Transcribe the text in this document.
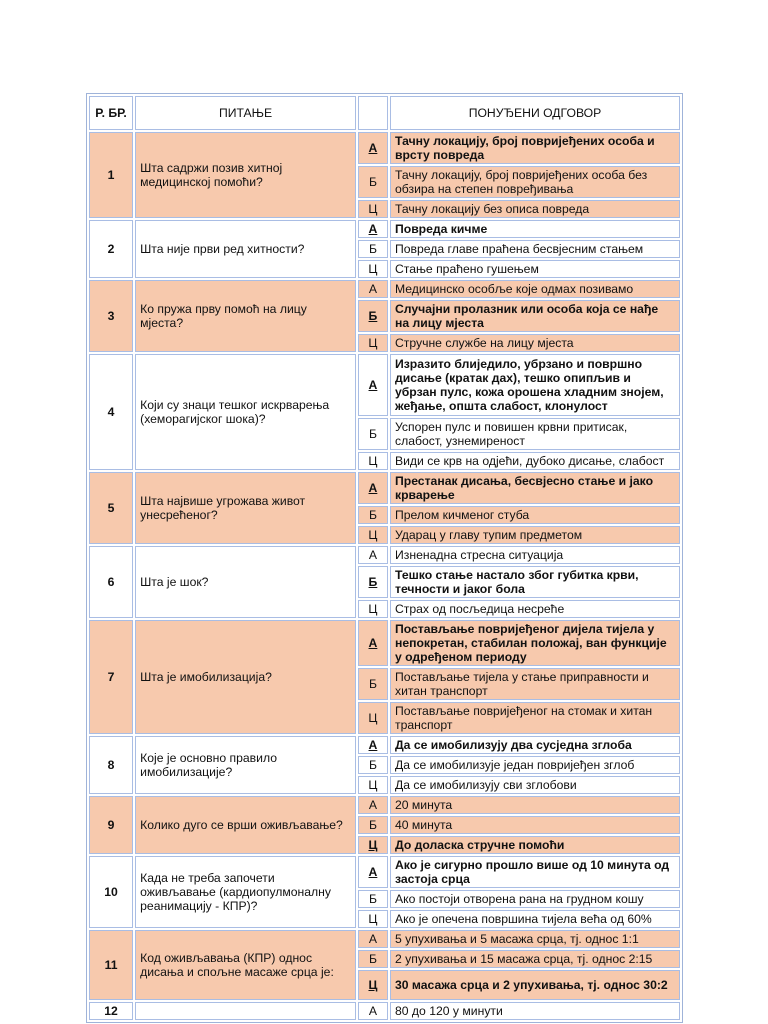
Р. БР.	ПИТАЊЕ		ПОНУЂЕНИ ОДГОВОР
1	Шта садржи позив хитној медицинској помоћи?	А	Тачну локацију, број повријеђених особа и врсту повреда
		Б	Тачну локацију, број повријеђених особа без обзира на степен повређивања
		Ц	Тачну локацију без описа повреда
2	Шта није први ред хитности?	А	Повреда кичме
		Б	Повреда главе праћена бесвјесним стањем
		Ц	Стање праћено гушењем
3	Ко пружа прву помоћ на лицу мјеста?	А	Медицинско особље које одмах позивамо
		Б	Случајни пролазник или особа која се нађе на лицу мјеста
		Ц	Стручне службе на лицу мјеста
4	Који су знаци тешког искрварења (хеморагијског шока)?	А	Изразито блиједило, убрзано и површно дисање (кратак дах), тешко опипљив и убрзан пулс, кожа орошена хладним знојем, жеђање, општа слабост, клонулост
		Б	Успорен пулс и повишен крвни притисак, слабост, узнемиреност
		Ц	Види се крв на одјећи, дубоко дисање, слабост
5	Шта највише угрожава живот унесрећеног?	А	Престанак дисања, бесвјесно стање и јако крварење
		Б	Прелом кичменог стуба
		Ц	Ударац у главу тупим предметом
6	Шта је шок?	А	Изненадна стресна ситуација
		Б	Тешко стање настало због губитка крви, течности и јаког бола
		Ц	Страх од посљедица несреће
7	Шта је имобилизација?	А	Постављање повријеђеног дијела тијела у непокретан, стабилан положај, ван функције у одређеном периоду
		Б	Постављање тијела у стање приправности и хитан транспорт
		Ц	Постављање повријеђеног на стомак и хитан транспорт
8	Које је основно правило имобилизације?	А	Да се имобилизују два сусједна зглоба
		Б	Да се имобилизује један повријеђен зглоб
		Ц	Да се имобилизују сви зглобови
9	Колико дуго се врши оживљавање?	А	20 минута
		Б	40 минута
		Ц	До доласка стручне помоћи
10	Када не треба започети оживљавање (кардиопулмоналну реанимацију - КПР)?	А	Ако је сигурно прошло више од 10 минута од застоја срца
		Б	Ако постоји отворена рана на грудном кошу
		Ц	Ако је опечена површина тијела већа од 60%
11	Код оживљавања (КПР) однос дисања и спољне масаже срца је:	А	5 упухивања и 5 масажа срца, тј. однос 1:1
		Б	2 упухивања и 15 масажа срца, тј. однос 2:15
		Ц	30 масажа срца и 2 упухивања, тј. однос 30:2
12		А	80 до 120 у минути
